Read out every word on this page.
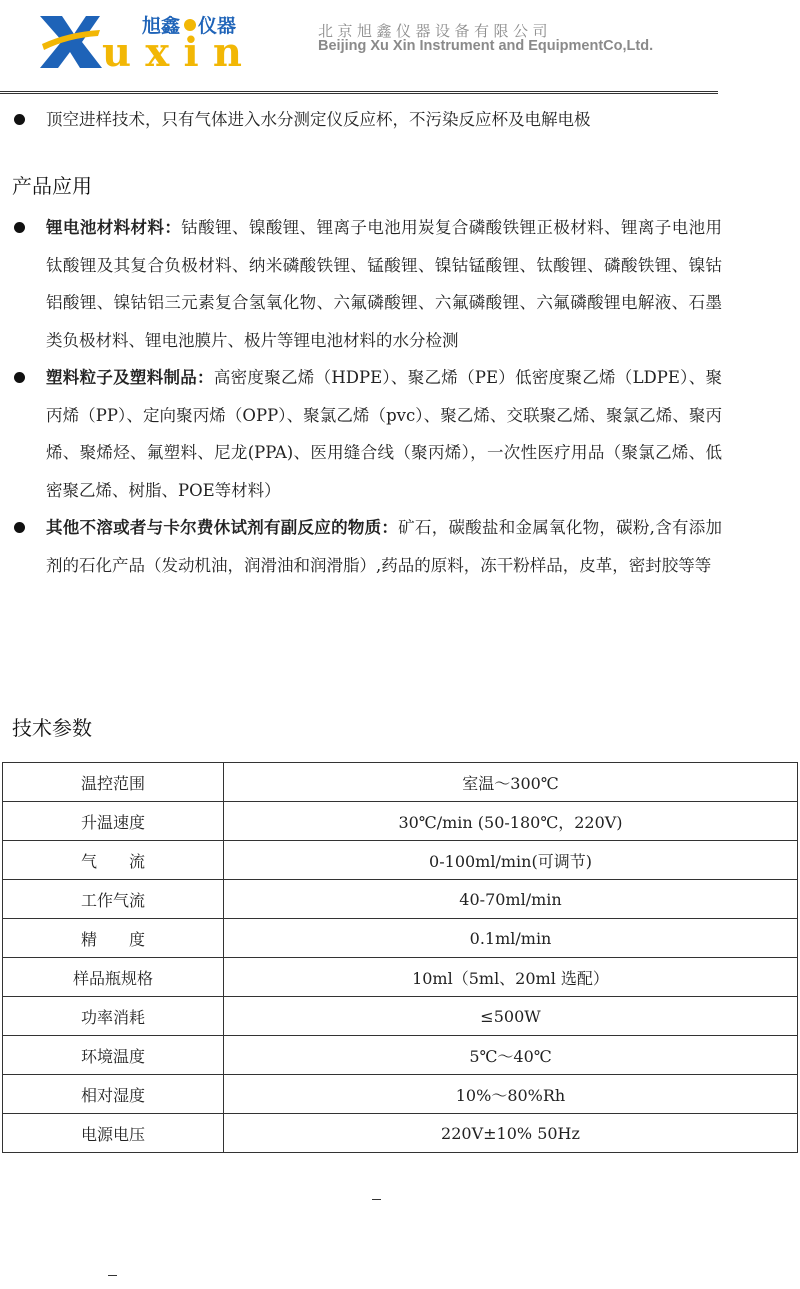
旭鑫 仪器
uxin	北京旭鑫仪器设备有限公司
Beijing Xu Xin Instrument and EquipmentCo,Ltd.
顶空进样技术，只有气体进入水分测定仪反应杯，不污染反应杯及电解电极
产品应用
锂电池材料材料：钴酸锂、镍酸锂、锂离子电池用炭复合磷酸铁锂正极材料、锂离子电池用钛酸锂及其复合负极材料、纳米磷酸铁锂、锰酸锂、镍钴锰酸锂、钛酸锂、磷酸铁锂、镍钴铝酸锂、镍钴铝三元素复合氢氧化物、六氟磷酸锂、六氟磷酸锂、六氟磷酸锂电解液、石墨类负极材料、锂电池膜片、极片等锂电池材料的水分检测
塑料粒子及塑料制品：高密度聚乙烯（HDPE）、聚乙烯（PE）低密度聚乙烯（LDPE）、聚丙烯（PP）、定向聚丙烯（OPP）、聚氯乙烯（pvc）、聚乙烯、交联聚乙烯、聚氯乙烯、聚丙烯、聚烯烃、氟塑料、尼龙(PPA)、医用缝合线（聚丙烯），一次性医疗用品（聚氯乙烯、低密聚乙烯、树脂、POE等材料）
其他不溶或者与卡尔费休试剂有副反应的物质：矿石，碳酸盐和金属氧化物，碳粉,含有添加剂的石化产品（发动机油，润滑油和润滑脂）,药品的原料，冻干粉样品，皮革，密封胶等等
技术参数
温控范围	室温～300℃
升温速度	30℃/min (50-180℃，220V)
气　　流	0-100ml/min(可调节)
工作气流	40-70ml/min
精　　度	0.1ml/min
样品瓶规格	10ml（5ml、20ml 选配）
功率消耗	≤500W
环境温度	5℃～40℃
相对湿度	10%～80%Rh
电源电压	220V±10% 50Hz
